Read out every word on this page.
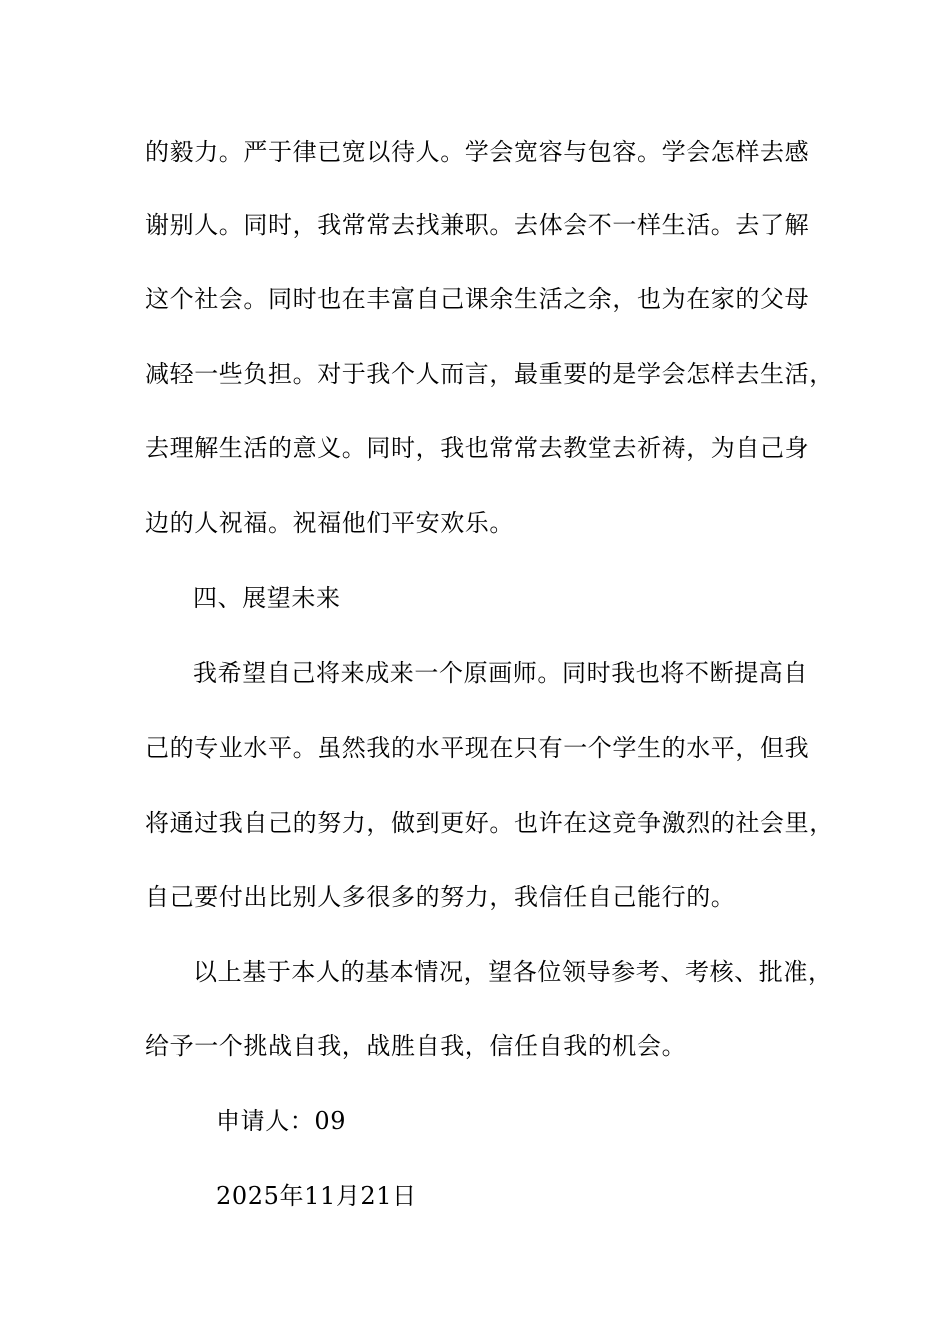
的毅力。严于律已宽以待人。学会宽容与包容。学会怎样去感
谢别人。同时，我常常去找兼职。去体会不一样生活。去了解
这个社会。同时也在丰富自己课余生活之余，也为在家的父母
减轻一些负担。对于我个人而言，最重要的是学会怎样去生活，
去理解生活的意义。同时，我也常常去教堂去祈祷，为自己身
边的人祝福。祝福他们平安欢乐。
四、展望未来
我希望自己将来成来一个原画师。同时我也将不断提高自
己的专业水平。虽然我的水平现在只有一个学生的水平，但我
将通过我自己的努力，做到更好。也许在这竞争激烈的社会里，
自己要付出比别人多很多的努力，我信任自己能行的。
以上基于本人的基本情况，望各位领导参考、考核、批准，
给予一个挑战自我，战胜自我，信任自我的机会。
申请人：09
2025年11月21日
